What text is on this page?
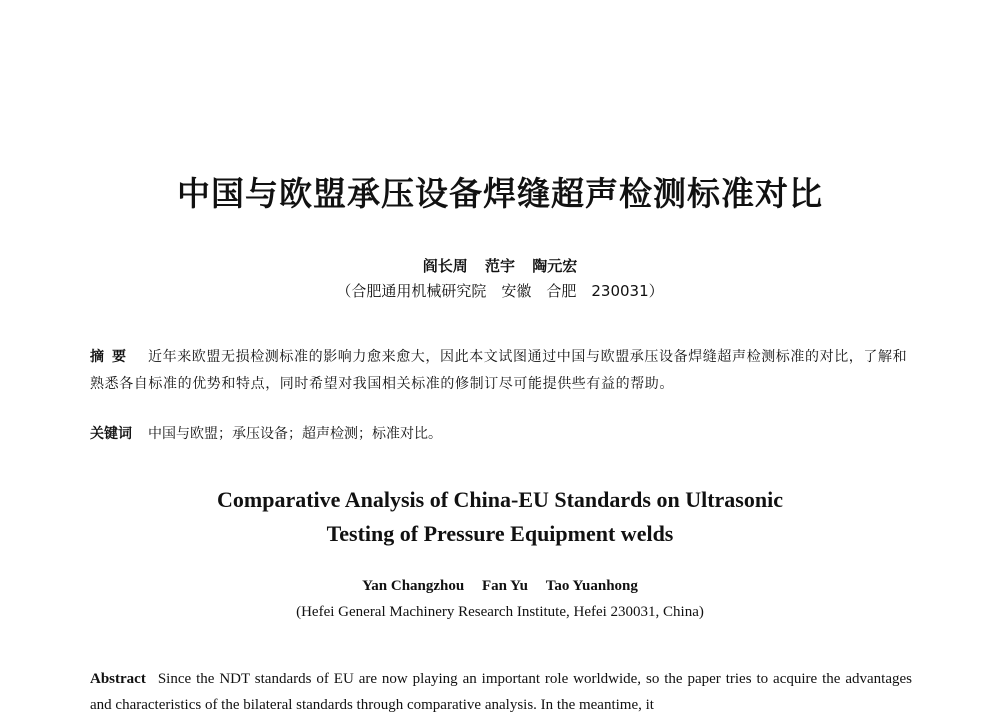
中国与欧盟承压设备焊缝超声检测标准对比
阎长周 范宇 陶元宏
（合肥通用机械研究院　安徽　合肥　230031）
摘要 近年来欧盟无损检测标准的影响力愈来愈大，因此本文试图通过中国与欧盟承压设备焊缝超声检测标准的对比，了解和熟悉各自标准的优势和特点，同时希望对我国相关标准的修制订尽可能提供些有益的帮助。
关键词 中国与欧盟；承压设备；超声检测；标准对比。
Comparative Analysis of China-EU Standards on Ultrasonic
Testing of Pressure Equipment welds
Yan Changzhou Fan Yu Tao Yuanhong
(Hefei General Machinery Research Institute, Hefei 230031, China)
Abstract Since the NDT standards of EU are now playing an important role worldwide, so the paper tries to acquire the advantages and characteristics of the bilateral standards through comparative analysis. In the meantime, it
